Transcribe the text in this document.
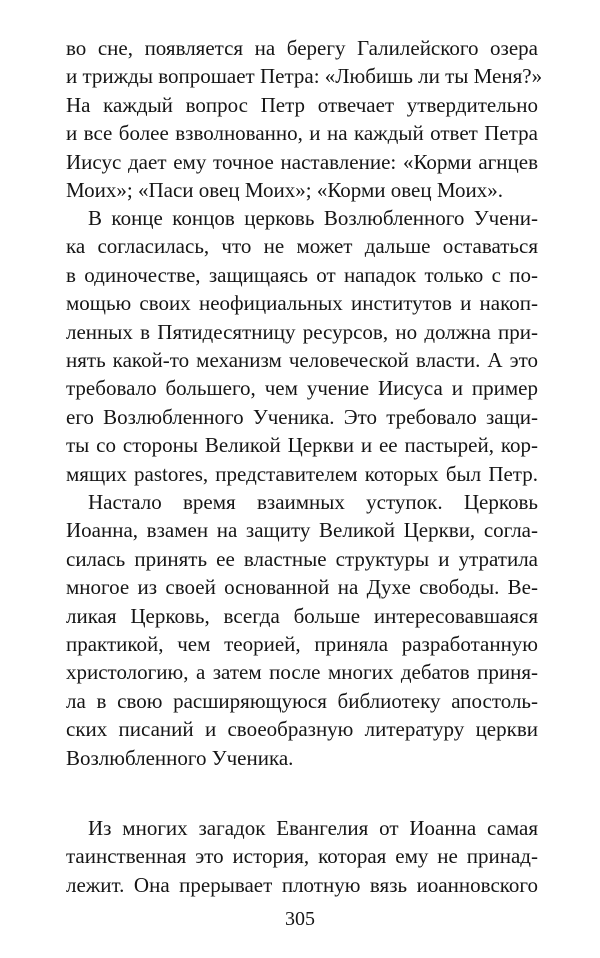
во сне, появляется на берегу Галилейского озера
и трижды вопрошает Петра: «Любишь ли ты Меня?»
На каждый вопрос Петр отвечает утвердительно
и все более взволнованно, и на каждый ответ Петра
Иисус дает ему точное наставление: «Корми агнцев
Моих»; «Паси овец Моих»; «Корми овец Моих».
В конце концов церковь Возлюбленного Учени-
ка согласилась, что не может дальше оставаться
в одиночестве, защищаясь от нападок только с по-
мощью своих неофициальных институтов и накоп-
ленных в Пятидесятницу ресурсов, но должна при-
нять какой-то механизм человеческой власти. А это
требовало большего, чем учение Иисуса и пример
его Возлюбленного Ученика. Это требовало защи-
ты со стороны Великой Церкви и ее пастырей, кор-
мящих pastores, представителем которых был Петр.
Настало время взаимных уступок. Церковь
Иоанна, взамен на защиту Великой Церкви, согла-
силась принять ее властные структуры и утратила
многое из своей основанной на Духе свободы. Ве-
ликая Церковь, всегда больше интересовавшаяся
практикой, чем теорией, приняла разработанную
христологию, а затем после многих дебатов приня-
ла в свою расширяющуюся библиотеку апостоль-
ских писаний и своеобразную литературу церкви
Возлюбленного Ученика.
Из многих загадок Евангелия от Иоанна самая
таинственная это история, которая ему не принад-
лежит. Она прерывает плотную вязь иоанновского
305
